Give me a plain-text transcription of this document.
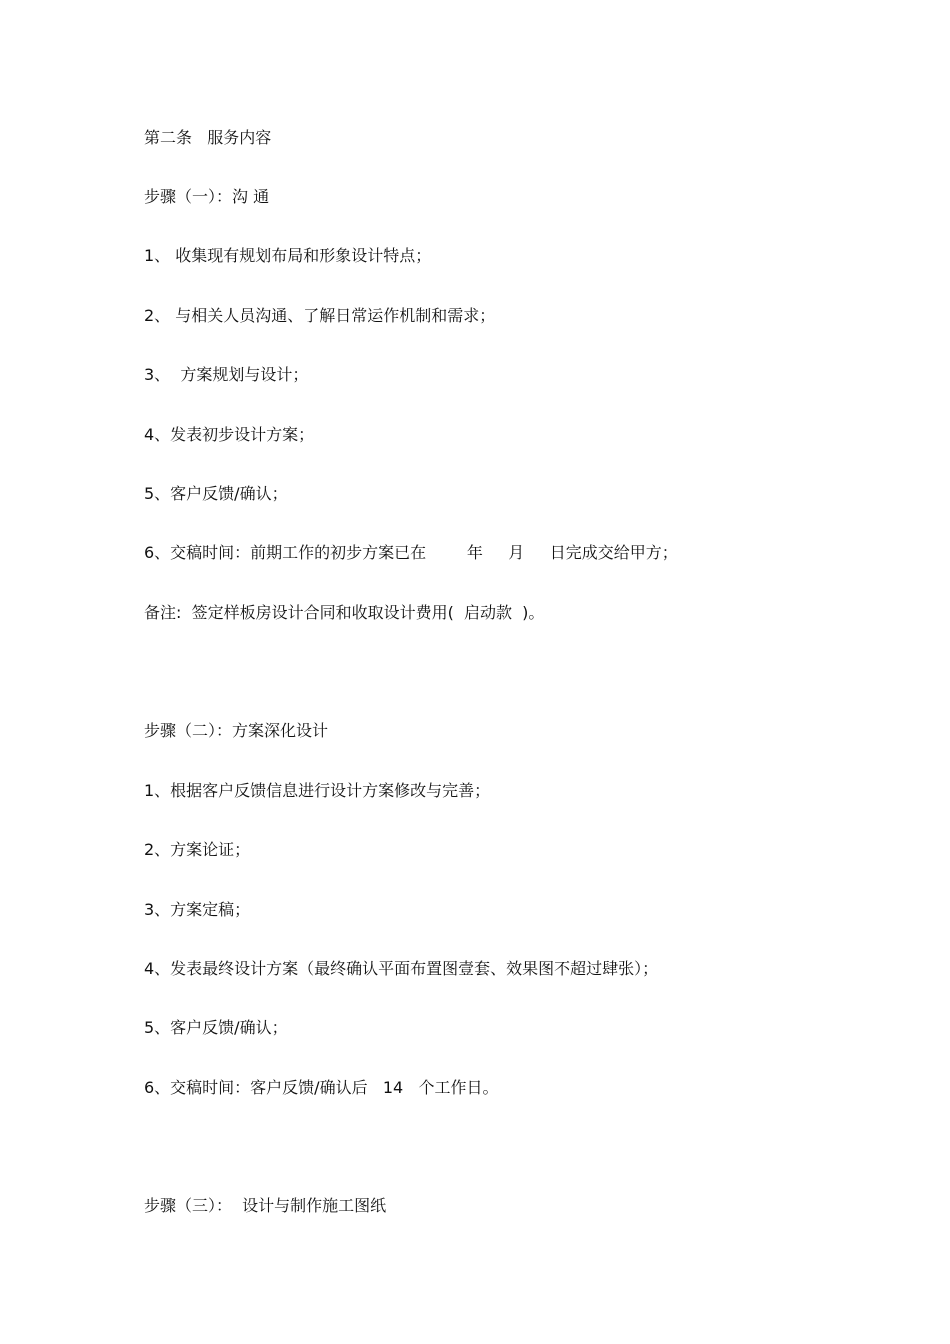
第二条   服务内容
步骤（一）：沟 通
1、 收集现有规划布局和形象设计特点；
2、 与相关人员沟通、了解日常运作机制和需求；
3、  方案规划与设计；
4、发表初步设计方案；
5、客户反馈/确认；
6、交稿时间：前期工作的初步方案已在        年     月     日完成交给甲方；
备注:  签定样板房设计合同和收取设计费用(  启动款  )。
步骤（二）：方案深化设计
1、根据客户反馈信息进行设计方案修改与完善；
2、方案论证；
3、方案定稿；
4、发表最终设计方案（最终确认平面布置图壹套、效果图不超过肆张）；
5、客户反馈/确认；
6、交稿时间：客户反馈/确认后   14   个工作日。
步骤（三）：  设计与制作施工图纸
